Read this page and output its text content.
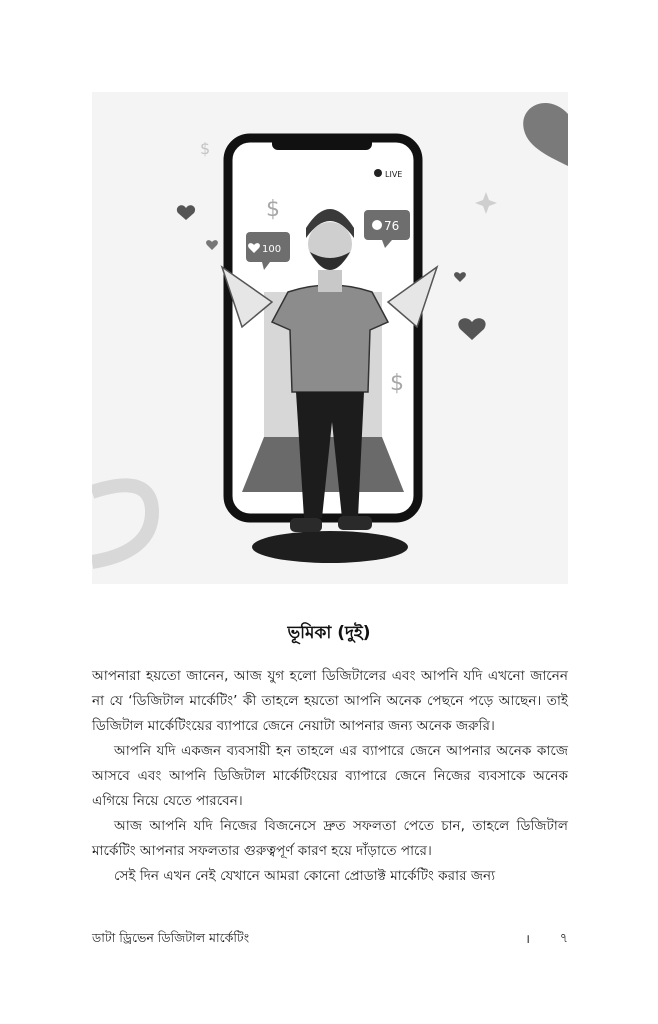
LIVE
$
$
$
100
76
ভূমিকা (দুই)

আপনারা হয়তো জানেন, আজ যুগ হলো ডিজিটালের এবং আপনি যদি এখনো জানেন না যে ‘ডিজিটাল মার্কেটিং’ কী তাহলে হয়তো আপনি অনেক পেছনে পড়ে আছেন। তাই ডিজিটাল মার্কেটিংয়ের ব্যাপারে জেনে নেয়াটা আপনার জন্য অনেক জরুরি।

আপনি যদি একজন ব্যবসায়ী হন তাহলে এর ব্যাপারে জেনে আপনার অনেক কাজে আসবে এবং আপনি ডিজিটাল মার্কেটিংয়ের ব্যাপারে জেনে নিজের ব্যবসাকে অনেক এগিয়ে নিয়ে যেতে পারবেন।

আজ আপনি যদি নিজের বিজনেসে দ্রুত সফলতা পেতে চান, তাহলে ডিজিটাল মার্কেটিং আপনার সফলতার গুরুত্বপূর্ণ কারণ হয়ে দাঁড়াতে পারে।

সেই দিন এখন নেই যেখানে আমরা কোনো প্রোডাক্ট মার্কেটিং করার জন্য

ডাটা ড্রিভেন ডিজিটাল মার্কেটিং	। ৭
